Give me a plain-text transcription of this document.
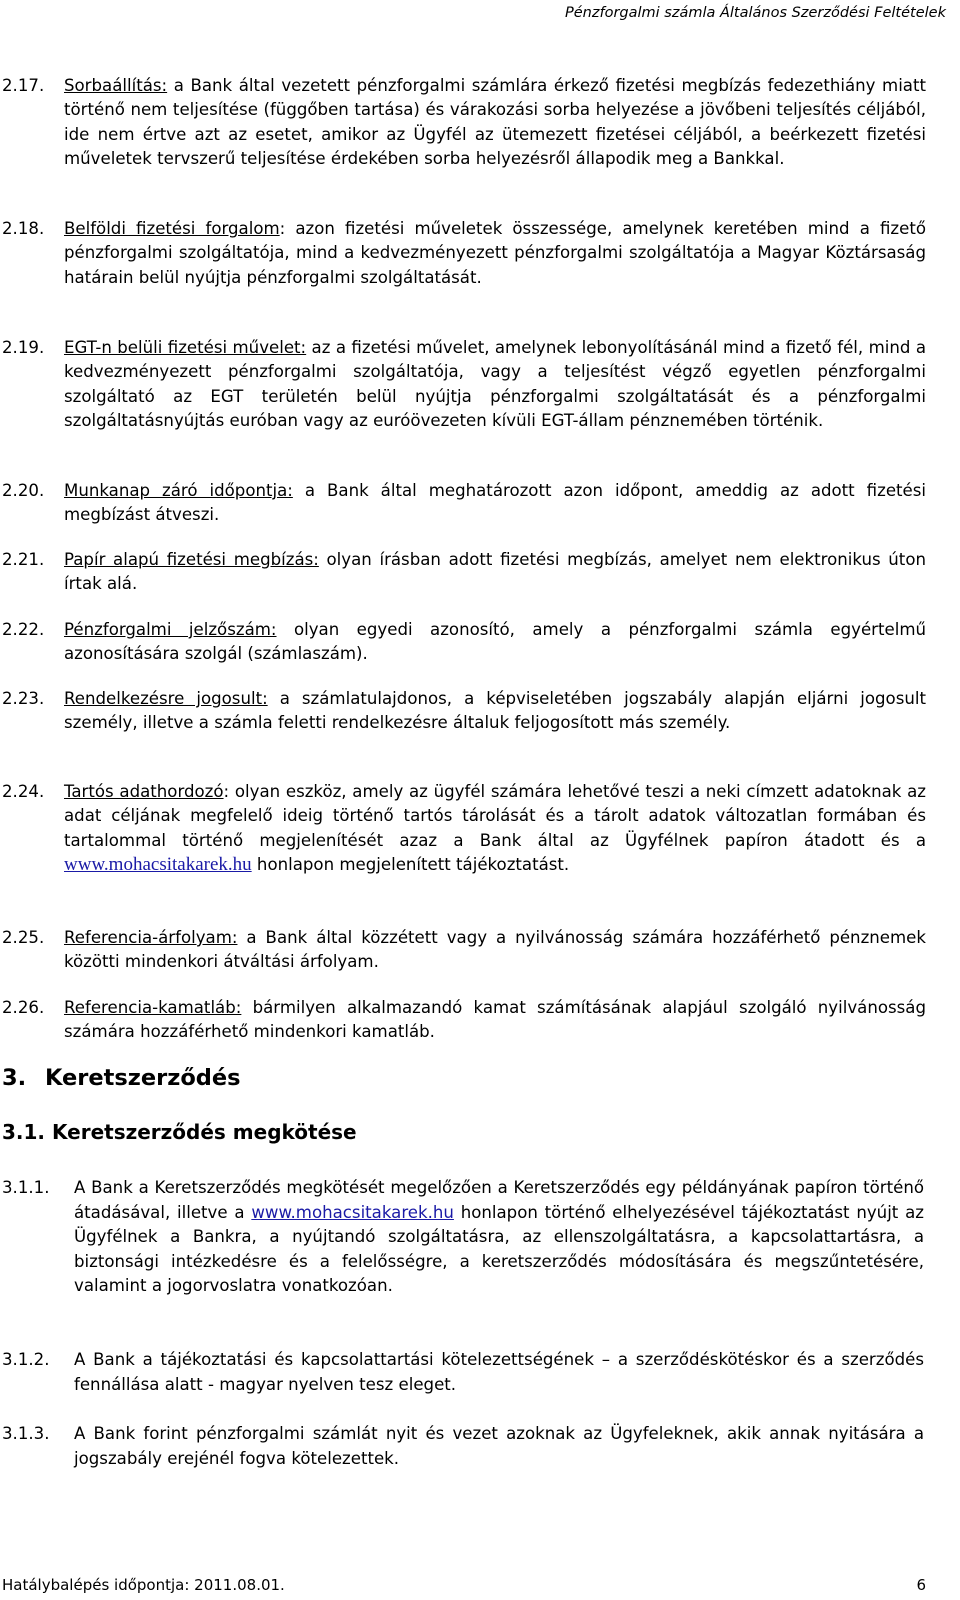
Pénzforgalmi számla Általános Szerződési Feltételek
2.17. Sorbaállítás: a Bank által vezetett pénzforgalmi számlára érkező fizetési megbízás fedezethiány miatt történő nem teljesítése (függőben tartása) és várakozási sorba helyezése a jövőbeni teljesítés céljából, ide nem értve azt az esetet, amikor az Ügyfél az ütemezett fizetései céljából, a beérkezett fizetési műveletek tervszerű teljesítése érdekében sorba helyezésről állapodik meg a Bankkal.
2.18. Belföldi fizetési forgalom: azon fizetési műveletek összessége, amelynek keretében mind a fizető pénzforgalmi szolgáltatója, mind a kedvezményezett pénzforgalmi szolgáltatója a Magyar Köztársaság határain belül nyújtja pénzforgalmi szolgáltatását.
2.19. EGT-n belüli fizetési művelet: az a fizetési művelet, amelynek lebonyolításánál mind a fizető fél, mind a kedvezményezett pénzforgalmi szolgáltatója, vagy a teljesítést végző egyetlen pénzforgalmi szolgáltató az EGT területén belül nyújtja pénzforgalmi szolgáltatását és a pénzforgalmi szolgáltatásnyújtás euróban vagy az euróövezeten kívüli EGT-állam pénznemében történik.
2.20. Munkanap záró időpontja: a Bank által meghatározott azon időpont, ameddig az adott fizetési megbízást átveszi.
2.21. Papír alapú fizetési megbízás: olyan írásban adott fizetési megbízás, amelyet nem elektronikus úton írtak alá.
2.22. Pénzforgalmi jelzőszám: olyan egyedi azonosító, amely a pénzforgalmi számla egyértelmű azonosítására szolgál (számlaszám).
2.23. Rendelkezésre jogosult: a számlatulajdonos, a képviseletében jogszabály alapján eljárni jogosult személy, illetve a számla feletti rendelkezésre általuk feljogosított más személy.
2.24. Tartós adathordozó: olyan eszköz, amely az ügyfél számára lehetővé teszi a neki címzett adatoknak az adat céljának megfelelő ideig történő tartós tárolását és a tárolt adatok változatlan formában és tartalommal történő megjelenítését azaz a Bank által az Ügyfélnek papíron átadott és a www.mohacsitakarek.hu honlapon megjelenített tájékoztatást.
2.25. Referencia-árfolyam: a Bank által közzétett vagy a nyilvánosság számára hozzáférhető pénznemek közötti mindenkori átváltási árfolyam.
2.26. Referencia-kamatláb: bármilyen alkalmazandó kamat számításának alapjául szolgáló nyilvánosság számára hozzáférhető mindenkori kamatláb.
3. Keretszerződés
3.1. Keretszerződés megkötése
3.1.1. A Bank a Keretszerződés megkötését megelőzően a Keretszerződés egy példányának papíron történő átadásával, illetve a www.mohacsitakarek.hu honlapon történő elhelyezésével tájékoztatást nyújt az Ügyfélnek a Bankra, a nyújtandó szolgáltatásra, az ellenszolgáltatásra, a kapcsolattartásra, a biztonsági intézkedésre és a felelősségre, a keretszerződés módosítására és megszűntetésére, valamint a jogorvoslatra vonatkozóan.
3.1.2. A Bank a tájékoztatási és kapcsolattartási kötelezettségének – a szerződéskötéskor és a szerződés fennállása alatt - magyar nyelven tesz eleget.
3.1.3. A Bank forint pénzforgalmi számlát nyit és vezet azoknak az Ügyfeleknek, akik annak nyitására a jogszabály erejénél fogva kötelezettek.
Hatálybalépés időpontja: 2011.08.01.	6
